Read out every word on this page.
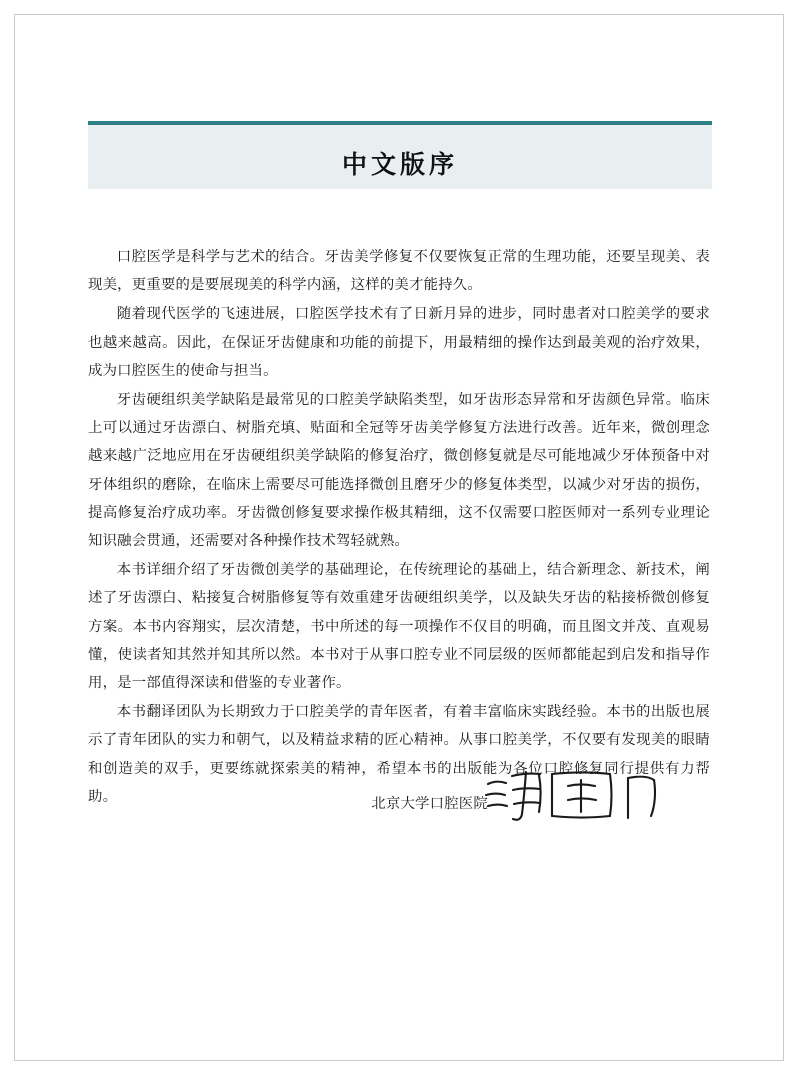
中文版序

口腔医学是科学与艺术的结合。牙齿美学修复不仅要恢复正常的生理功能，还要呈现美、表现美，更重要的是要展现美的科学内涵，这样的美才能持久。

随着现代医学的飞速进展，口腔医学技术有了日新月异的进步，同时患者对口腔美学的要求也越来越高。因此，在保证牙齿健康和功能的前提下，用最精细的操作达到最美观的治疗效果，成为口腔医生的使命与担当。

牙齿硬组织美学缺陷是最常见的口腔美学缺陷类型，如牙齿形态异常和牙齿颜色异常。临床上可以通过牙齿漂白、树脂充填、贴面和全冠等牙齿美学修复方法进行改善。近年来，微创理念越来越广泛地应用在牙齿硬组织美学缺陷的修复治疗，微创修复就是尽可能地减少牙体预备中对牙体组织的磨除，在临床上需要尽可能选择微创且磨牙少的修复体类型，以减少对牙齿的损伤，提高修复治疗成功率。牙齿微创修复要求操作极其精细，这不仅需要口腔医师对一系列专业理论知识融会贯通，还需要对各种操作技术驾轻就熟。

本书详细介绍了牙齿微创美学的基础理论，在传统理论的基础上，结合新理念、新技术，阐述了牙齿漂白、粘接复合树脂修复等有效重建牙齿硬组织美学，以及缺失牙齿的粘接桥微创修复方案。本书内容翔实，层次清楚，书中所述的每一项操作不仅目的明确，而且图文并茂、直观易懂，使读者知其然并知其所以然。本书对于从事口腔专业不同层级的医师都能起到启发和指导作用，是一部值得深读和借鉴的专业著作。

本书翻译团队为长期致力于口腔美学的青年医者，有着丰富临床实践经验。本书的出版也展示了青年团队的实力和朝气，以及精益求精的匠心精神。从事口腔美学，不仅要有发现美的眼睛和创造美的双手，更要练就探索美的精神，希望本书的出版能为各位口腔修复同行提供有力帮助。	北京大学口腔医院
